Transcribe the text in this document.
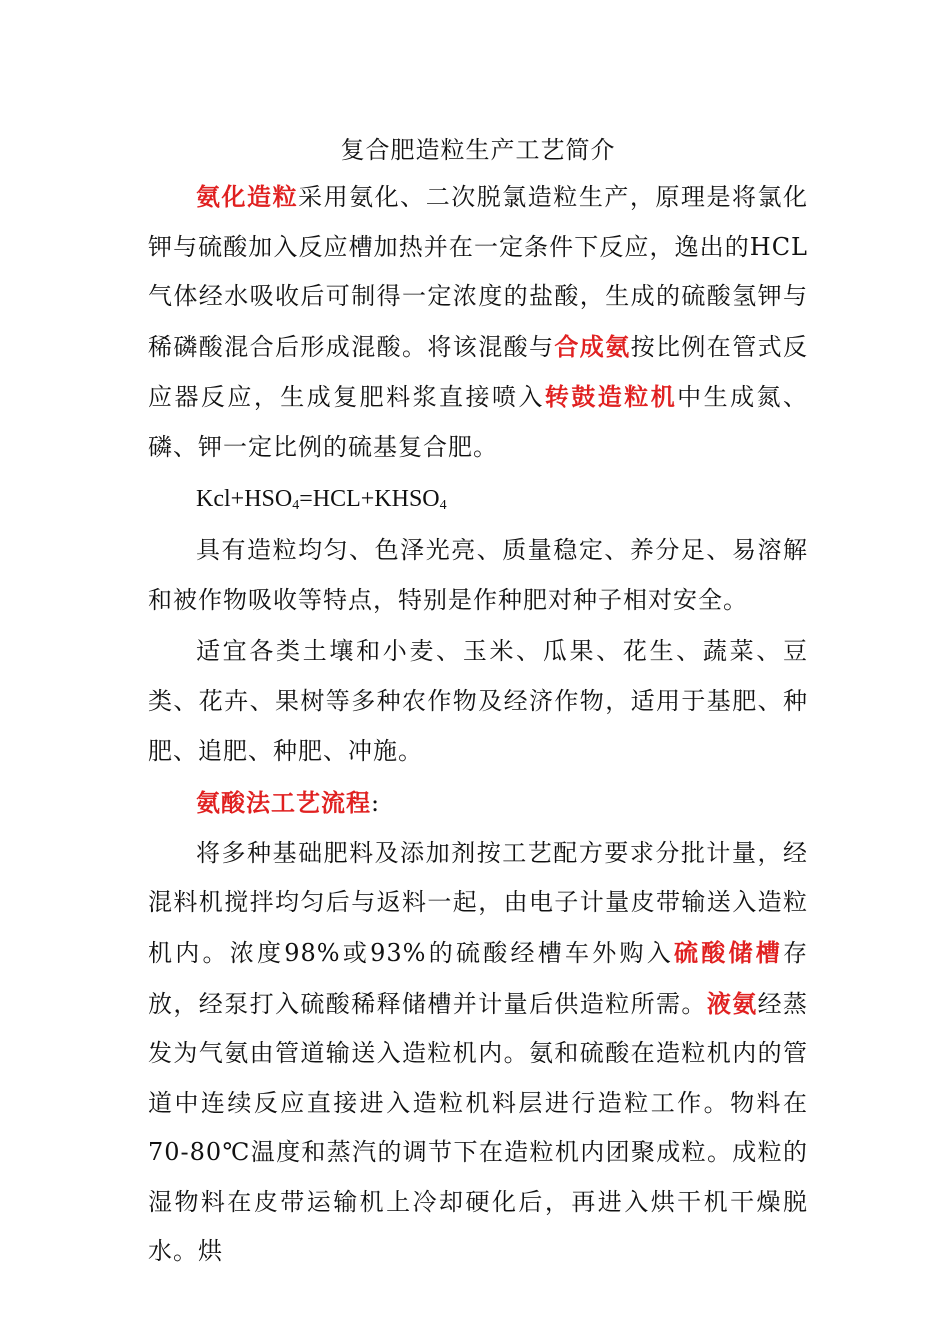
复合肥造粒生产工艺简介

氨化造粒采用氨化、二次脱氯造粒生产，原理是将氯化钾与硫酸加入反应槽加热并在一定条件下反应，逸出的HCL气体经水吸收后可制得一定浓度的盐酸，生成的硫酸氢钾与稀磷酸混合后形成混酸。将该混酸与合成氨按比例在管式反应器反应，生成复肥料浆直接喷入转鼓造粒机中生成氮、磷、钾一定比例的硫基复合肥。

$Kcl+HSO_4=HCL+KHSO_4$

具有造粒均匀、色泽光亮、质量稳定、养分足、易溶解和被作物吸收等特点，特别是作种肥对种子相对安全。

适宜各类土壤和小麦、玉米、瓜果、花生、蔬菜、豆类、花卉、果树等多种农作物及经济作物，适用于基肥、种肥、追肥、种肥、冲施。

氨酸法工艺流程:

将多种基础肥料及添加剂按工艺配方要求分批计量，经混料机搅拌均匀后与返料一起，由电子计量皮带输送入造粒机内。浓度98%或93%的硫酸经槽车外购入硫酸储槽存放，经泵打入硫酸稀释储槽并计量后供造粒所需。液氨经蒸发为气氨由管道输送入造粒机内。氨和硫酸在造粒机内的管道中连续反应直接进入造粒机料层进行造粒工作。物料在70-80℃温度和蒸汽的调节下在造粒机内团聚成粒。成粒的湿物料在皮带运输机上冷却硬化后，再进入烘干机干燥脱水。烘
